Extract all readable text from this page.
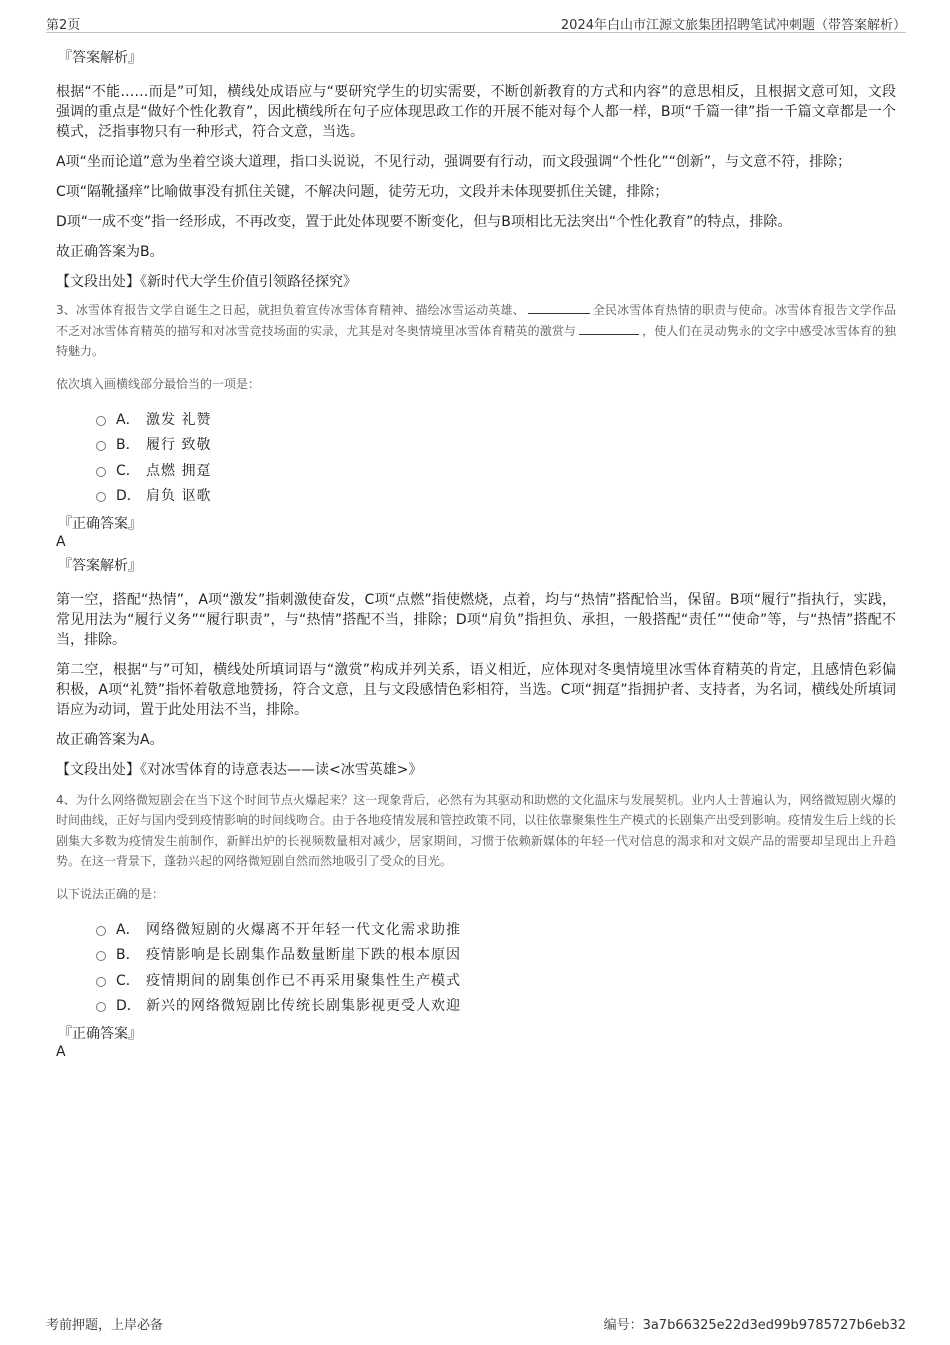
第2页	2024年白山市江源文旅集团招聘笔试冲刺题（带答案解析）
『答案解析』

根据“不能……而是”可知，横线处成语应与“要研究学生的切实需要，不断创新教育的方式和内容”的意思相反，且根据文意可知，文段强调的重点是“做好个性化教育”，因此横线所在句子应体现思政工作的开展不能对每个人都一样，B项“千篇一律”指一千篇文章都是一个模式，泛指事物只有一种形式，符合文意，当选。

A项“坐而论道”意为坐着空谈大道理，指口头说说，不见行动，强调要有行动，而文段强调“个性化”“创新”，与文意不符，排除；

C项“隔靴搔痒”比喻做事没有抓住关键，不解决问题，徒劳无功，文段并未体现要抓住关键，排除；

D项“一成不变”指一经形成，不再改变，置于此处体现要不断变化，但与B项相比无法突出“个性化教育”的特点，排除。

故正确答案为B。

【文段出处】《新时代大学生价值引领路径探究》

3、冰雪体育报告文学自诞生之日起，就担负着宣传冰雪体育精神、描绘冰雪运动英雄、	全民冰雪体育热情的职责与使命。冰雪体育报告文学作品不乏对冰雪体育精英的描写和对冰雪竞技场面的实录，尤其是对冬奥情境里冰雪体育精英的激赏与	，使人们在灵动隽永的文字中感受冰雪体育的独特魅力。

依次填入画横线部分最恰当的一项是：

A． 激发 礼赞
B． 履行 致敬
C． 点燃 拥趸
D． 肩负 讴歌
『正确答案』
A
『答案解析』

第一空，搭配“热情”，A项“激发”指刺激使奋发，C项“点燃”指使燃烧，点着，均与“热情”搭配恰当，保留。B项“履行”指执行，实践，常见用法为“履行义务”“履行职责”，与“热情”搭配不当，排除；D项“肩负”指担负、承担，一般搭配“责任”“使命”等，与“热情”搭配不当，排除。

第二空，根据“与”可知，横线处所填词语与“激赏”构成并列关系，语义相近，应体现对冬奥情境里冰雪体育精英的肯定，且感情色彩偏积极，A项“礼赞”指怀着敬意地赞扬，符合文意，且与文段感情色彩相符，当选。C项“拥趸”指拥护者、支持者，为名词，横线处所填词语应为动词，置于此处用法不当，排除。

故正确答案为A。

【文段出处】《对冰雪体育的诗意表达——读<冰雪英雄>》

4、为什么网络微短剧会在当下这个时间节点火爆起来？这一现象背后，必然有为其驱动和助燃的文化温床与发展契机。业内人士普遍认为，网络微短剧火爆的时间曲线，正好与国内受到疫情影响的时间线吻合。由于各地疫情发展和管控政策不同，以往依靠聚集性生产模式的长剧集产出受到影响。疫情发生后上线的长剧集大多数为疫情发生前制作，新鲜出炉的长视频数量相对减少，居家期间，习惯于依赖新媒体的年轻一代对信息的渴求和对文娱产品的需要却呈现出上升趋势。在这一背景下，蓬勃兴起的网络微短剧自然而然地吸引了受众的目光。

以下说法正确的是：

A． 网络微短剧的火爆离不开年轻一代文化需求助推
B． 疫情影响是长剧集作品数量断崖下跌的根本原因
C． 疫情期间的剧集创作已不再采用聚集性生产模式
D． 新兴的网络微短剧比传统长剧集影视更受人欢迎
『正确答案』
A
考前押题，上岸必备	编号：3a7b66325e22d3ed99b9785727b6eb32
